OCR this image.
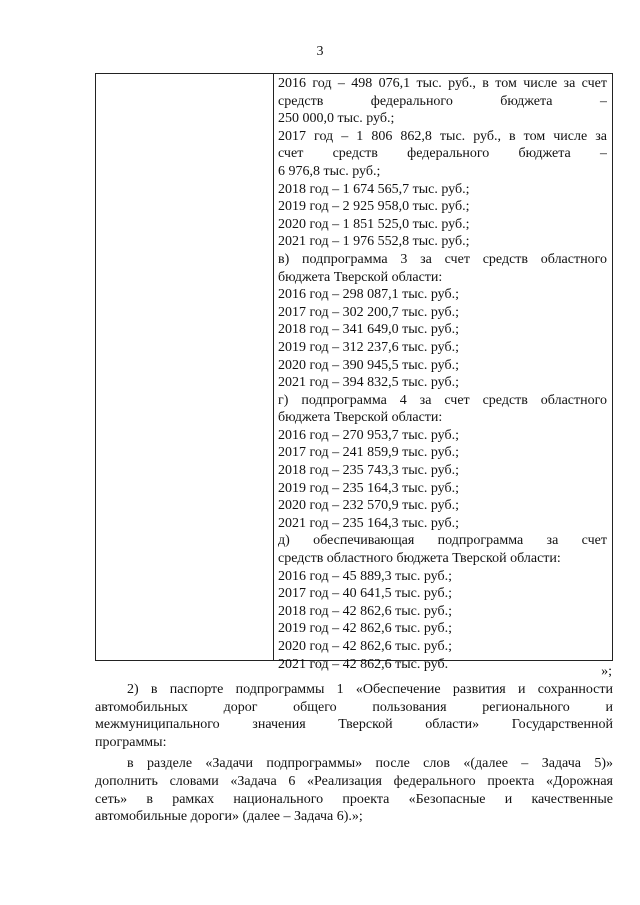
3
2016 год – 498 076,1 тыс. руб., в том числе за счет
средств федерального бюджета –
250 000,0 тыс. руб.;
2017 год – 1 806 862,8 тыс. руб., в том числе за
счет средств федерального бюджета –
6 976,8 тыс. руб.;
2018 год – 1 674 565,7 тыс. руб.;
2019 год – 2 925 958,0 тыс. руб.;
2020 год – 1 851 525,0 тыс. руб.;
2021 год – 1 976 552,8 тыс. руб.;
в) подпрограмма 3 за счет средств областного
бюджета Тверской области:
2016 год – 298 087,1 тыс. руб.;
2017 год – 302 200,7 тыс. руб.;
2018 год – 341 649,0 тыс. руб.;
2019 год – 312 237,6 тыс. руб.;
2020 год – 390 945,5 тыс. руб.;
2021 год – 394 832,5 тыс. руб.;
г) подпрограмма 4 за счет средств областного
бюджета Тверской области:
2016 год – 270 953,7 тыс. руб.;
2017 год – 241 859,9 тыс. руб.;
2018 год – 235 743,3 тыс. руб.;
2019 год – 235 164,3 тыс. руб.;
2020 год – 232 570,9 тыс. руб.;
2021 год – 235 164,3 тыс. руб.;
д) обеспечивающая подпрограмма за счет
средств областного бюджета Тверской области:
2016 год – 45 889,3 тыс. руб.;
2017 год – 40 641,5 тыс. руб.;
2018 год – 42 862,6 тыс. руб.;
2019 год – 42 862,6 тыс. руб.;
2020 год – 42 862,6 тыс. руб.;
2021 год – 42 862,6 тыс. руб.	»;
2) в паспорте подпрограммы 1 «Обеспечение развития и сохранности
автомобильных дорог общего пользования регионального и
межмуниципального значения Тверской области» Государственной
программы:
в разделе «Задачи подпрограммы» после слов «(далее – Задача 5)»
дополнить словами «Задача 6 «Реализация федерального проекта «Дорожная
сеть» в рамках национального проекта «Безопасные и качественные
автомобильные дороги» (далее – Задача 6).»;
